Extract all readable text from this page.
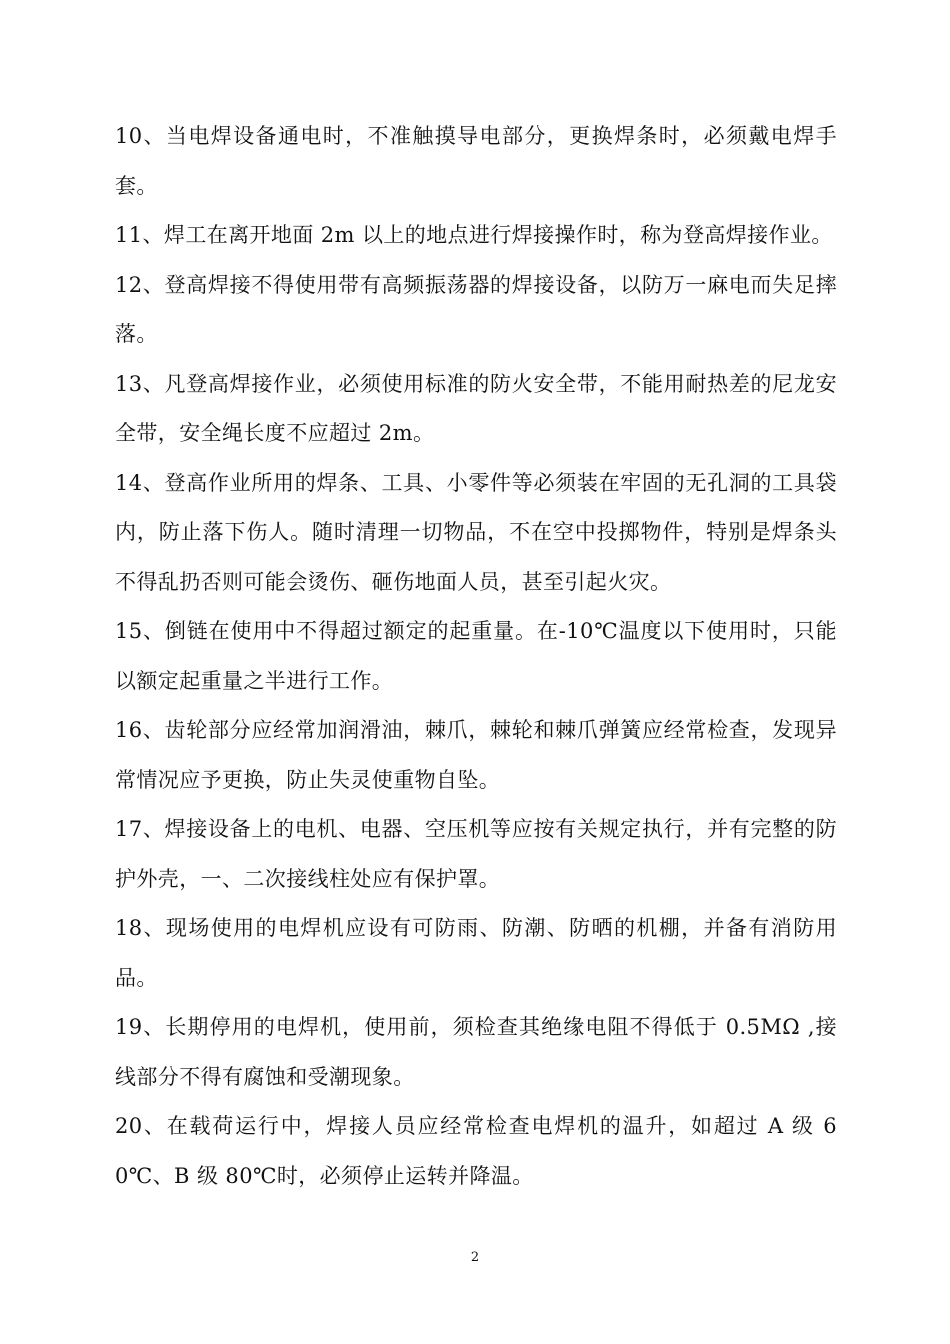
10、当电焊设备通电时，不准触摸导电部分，更换焊条时，必须戴电焊手套。

11、焊工在离开地面 2m 以上的地点进行焊接操作时，称为登高焊接作业。

12、登高焊接不得使用带有高频振荡器的焊接设备，以防万一麻电而失足摔落。

13、凡登高焊接作业，必须使用标准的防火安全带，不能用耐热差的尼龙安全带，安全绳长度不应超过 2m。

14、登高作业所用的焊条、工具、小零件等必须装在牢固的无孔洞的工具袋内，防止落下伤人。随时清理一切物品，不在空中投掷物件，特别是焊条头不得乱扔否则可能会烫伤、砸伤地面人员，甚至引起火灾。

15、倒链在使用中不得超过额定的起重量。在-10℃温度以下使用时，只能以额定起重量之半进行工作。

16、齿轮部分应经常加润滑油，棘爪，棘轮和棘爪弹簧应经常检查，发现异常情况应予更换，防止失灵使重物自坠。

17、焊接设备上的电机、电器、空压机等应按有关规定执行，并有完整的防护外壳，一、二次接线柱处应有保护罩。

18、现场使用的电焊机应设有可防雨、防潮、防晒的机棚，并备有消防用品。

19、长期停用的电焊机，使用前，须检查其绝缘电阻不得低于 0.5MΩ ,接线部分不得有腐蚀和受潮现象。

20、在载荷运行中，焊接人员应经常检查电焊机的温升，如超过 A 级 60℃、B 级 80℃时，必须停止运转并降温。

2
